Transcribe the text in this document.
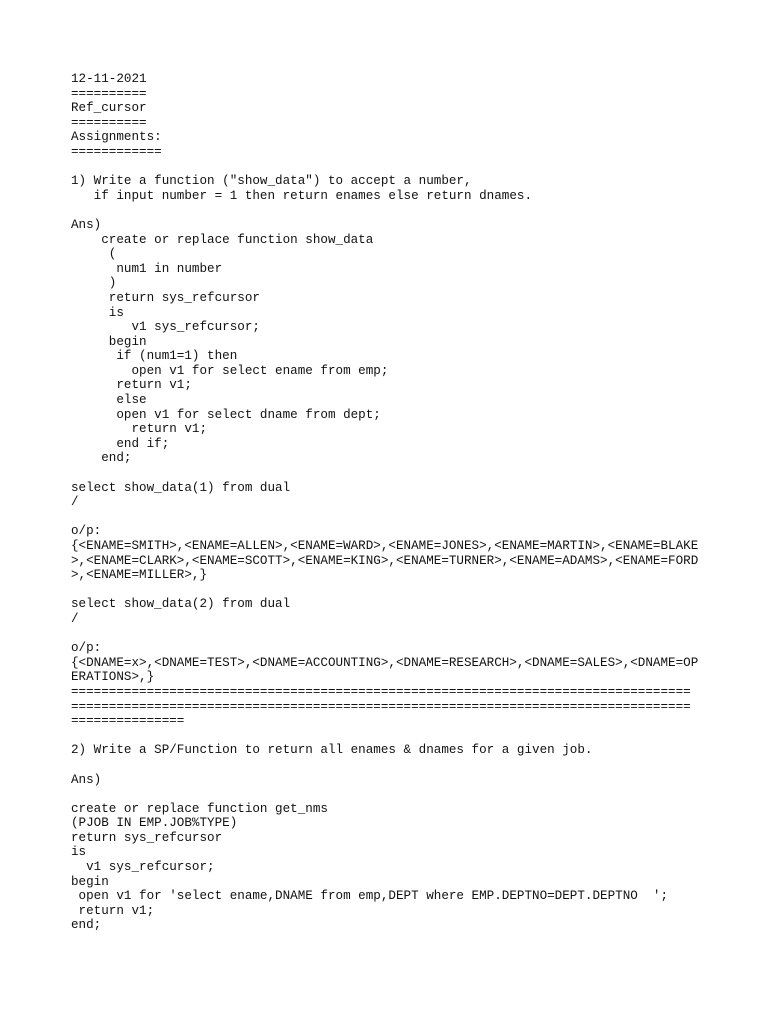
12-11-2021
==========
Ref_cursor
==========
Assignments:
============
1) Write a function ("show_data") to accept a number,
if input number = 1 then return enames else return dnames.
Ans)
create or replace function show_data
(
num1 in number
)
return sys_refcursor
is
v1 sys_refcursor;
begin
if (num1=1) then
open v1 for select ename from emp;
return v1;
else
open v1 for select dname from dept;
return v1;
end if;
end;
select show_data(1) from dual
/
o/p:
{<ENAME=SMITH>,<ENAME=ALLEN>,<ENAME=WARD>,<ENAME=JONES>,<ENAME=MARTIN>,<ENAME=BLAKE
>,<ENAME=CLARK>,<ENAME=SCOTT>,<ENAME=KING>,<ENAME=TURNER>,<ENAME=ADAMS>,<ENAME=FORD
>,<ENAME=MILLER>,}
select show_data(2) from dual
/
o/p:
{<DNAME=x>,<DNAME=TEST>,<DNAME=ACCOUNTING>,<DNAME=RESEARCH>,<DNAME=SALES>,<DNAME=OP
ERATIONS>,}
==================================================================================
==================================================================================
===============
2) Write a SP/Function to return all enames & dnames for a given job.
Ans)
create or replace function get_nms
(PJOB IN EMP.JOB%TYPE)
return sys_refcursor
is
v1 sys_refcursor;
begin
open v1 for 'select ename,DNAME from emp,DEPT where EMP.DEPTNO=DEPT.DEPTNO  ';
return v1;
end;
